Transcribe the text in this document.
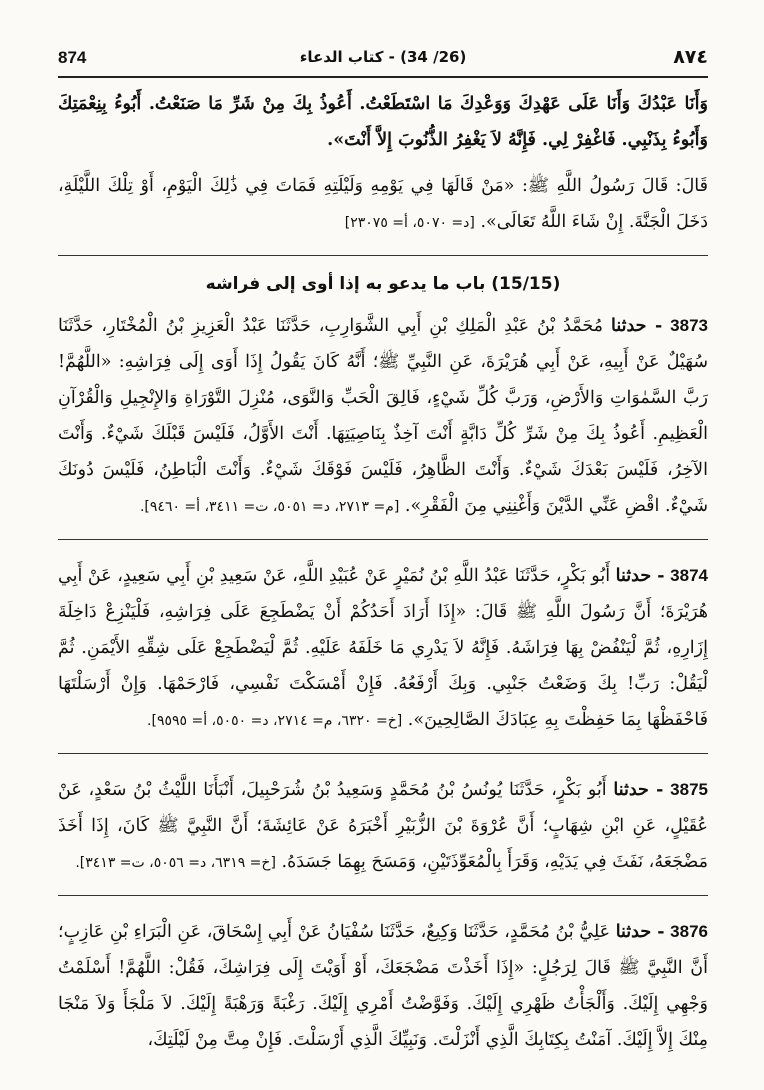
874	(26/ 34) - كتاب الدعاء	٨٧٤

وَأَنَا عَبْدُكَ وَأَنَا عَلَى عَهْدِكَ وَوَعْدِكَ مَا اسْتَطَعْتُ. أَعُوذُ بِكَ مِنْ شَرِّ مَا صَنَعْتُ. أَبُوءُ بِنِعْمَتِكَ وَأَبُوءُ بِذَنْبِي. فَاغْفِرْ لِي. فَإِنَّهُ لاَ يَغْفِرُ الذُّنُوبَ إِلاَّ أَنْتَ».

قَالَ: قَالَ رَسُولُ اللَّهِ ﷺ: «مَنْ قَالَهَا فِي يَوْمِهِ وَلَيْلَتِهِ فَمَاتَ فِي ذَٰلِكَ الْيَوْمِ، أَوْ تِلْكَ اللَّيْلَةِ، دَخَلَ الْجَنَّةَ. إِنْ شَاءَ اللَّهُ تَعَالَى». [د= ٥٠٧٠، أ= ٢٣٠٧٥]

(15/15) باب ما يدعو به إذا أوى إلى فراشه

3873 - حدثنا مُحَمَّدُ بْنُ عَبْدِ الْمَلِكِ بْنِ أَبِي الشَّوَارِبِ، حَدَّثَنَا عَبْدُ الْعَزِيزِ بْنُ الْمُخْتَارِ، حَدَّثَنَا سُهَيْلٌ عَنْ أَبِيهِ، عَنْ أَبِي هُرَيْرَةَ، عَنِ النَّبِيِّ ﷺ؛ أَنَّهُ كَانَ يَقُولُ إِذَا أَوَى إِلَى فِرَاشِهِ: «اللَّهُمَّ! رَبَّ السَّمٰوَاتِ وَالأَرْضِ، وَرَبَّ كُلِّ شَيْءٍ، فَالِقَ الْحَبِّ وَالنَّوَى، مُنْزِلَ التَّوْرَاةِ وَالإِنْجِيلِ وَالْقُرْآنِ الْعَظِيمِ. أَعُوذُ بِكَ مِنْ شَرِّ كُلِّ دَابَّةٍ أَنْتَ آخِذٌ بِنَاصِيَتِهَا. أَنْتَ الأَوَّلُ، فَلَيْسَ قَبْلَكَ شَيْءٌ. وَأَنْتَ الآخِرُ، فَلَيْسَ بَعْدَكَ شَيْءٌ. وَأَنْتَ الظَّاهِرُ، فَلَيْسَ فَوْقَكَ شَيْءٌ. وَأَنْتَ الْبَاطِنُ، فَلَيْسَ دُونَكَ شَيْءٌ. اقْضِ عَنِّي الدَّيْنَ وَأَغْنِنِي مِنَ الْفَقْرِ». [م= ٢٧١٣، د= ٥٠٥١، ت= ٣٤١١، أ= ٩٤٦٠].

3874 - حدثنا أَبُو بَكْرٍ، حَدَّثَنَا عَبْدُ اللَّهِ بْنُ نُمَيْرٍ عَنْ عُبَيْدِ اللَّهِ، عَنْ سَعِيدِ بْنِ أَبِي سَعِيدٍ، عَنْ أَبِي هُرَيْرَةَ؛ أَنَّ رَسُولَ اللَّهِ ﷺ قَالَ: «إِذَا أَرَادَ أَحَدُكُمْ أَنْ يَضْطَجِعَ عَلَى فِرَاشِهِ، فَلْيَنْزِعْ دَاخِلَةَ إِزَارِهِ، ثُمَّ لْيَنْفُضْ بِهَا فِرَاشَهُ. فَإِنَّهُ لاَ يَدْرِي مَا خَلَفَهُ عَلَيْهِ. ثُمَّ لْيَضْطَجِعْ عَلَى شِقِّهِ الأَيْمَنِ. ثُمَّ لْيَقُلْ: رَبِّ! بِكَ وَضَعْتُ جَنْبِي. وَبِكَ أَرْفَعُهُ. فَإِنْ أَمْسَكْتَ نَفْسِي، فَارْحَمْهَا. وَإِنْ أَرْسَلْتَهَا فَاحْفَظْهَا بِمَا حَفِظْتَ بِهِ عِبَادَكَ الصَّالِحِينَ». [خ= ٦٣٢٠، م= ٢٧١٤، د= ٥٠٥٠، أ= ٩٥٩٥].

3875 - حدثنا أَبُو بَكْرٍ، حَدَّثَنَا يُونُسُ بْنُ مُحَمَّدٍ وَسَعِيدُ بْنُ شُرَحْبِيلَ، أَنْبَأَنَا اللَّيْثُ بْنُ سَعْدٍ، عَنْ عُقَيْلٍ، عَنِ ابْنِ شِهَابٍ؛ أَنَّ عُرْوَةَ بْنَ الزُّبَيْرِ أَخْبَرَهُ عَنْ عَائِشَةَ؛ أَنَّ النَّبِيَّ ﷺ كَانَ، إِذَا أَخَذَ مَضْجَعَهُ، نَفَثَ فِي يَدَيْهِ، وَقَرَأَ بِالْمُعَوِّذَتَيْنِ، وَمَسَحَ بِهِمَا جَسَدَهُ. [خ= ٦٣١٩، د= ٥٠٥٦، ت= ٣٤١٣].

3876 - حدثنا عَلِيُّ بْنُ مُحَمَّدٍ، حَدَّثَنَا وَكِيعٌ، حَدَّثَنَا سُفْيَانُ عَنْ أَبِي إِسْحَاقَ، عَنِ الْبَرَاءِ بْنِ عَازِبٍ؛ أَنَّ النَّبِيَّ ﷺ قَالَ لِرَجُلٍ: «إِذَا أَخَذْتَ مَضْجَعَكَ، أَوْ أَوَيْتَ إِلَى فِرَاشِكَ، فَقُلْ: اللَّهُمَّ! أَسْلَمْتُ وَجْهِي إِلَيْكَ. وَأَلْجَأْتُ ظَهْرِي إِلَيْكَ. وَفَوَّضْتُ أَمْرِي إِلَيْكَ. رَغْبَةً وَرَهْبَةً إِلَيْكَ. لاَ مَلْجَأَ وَلاَ مَنْجَا مِنْكَ إِلاَّ إِلَيْكَ. آمَنْتُ بِكِتَابِكَ الَّذِي أَنْزَلْتَ. وَنَبِيِّكَ الَّذِي أَرْسَلْتَ. فَإِنْ مِتَّ مِنْ لَيْلَتِكَ،
